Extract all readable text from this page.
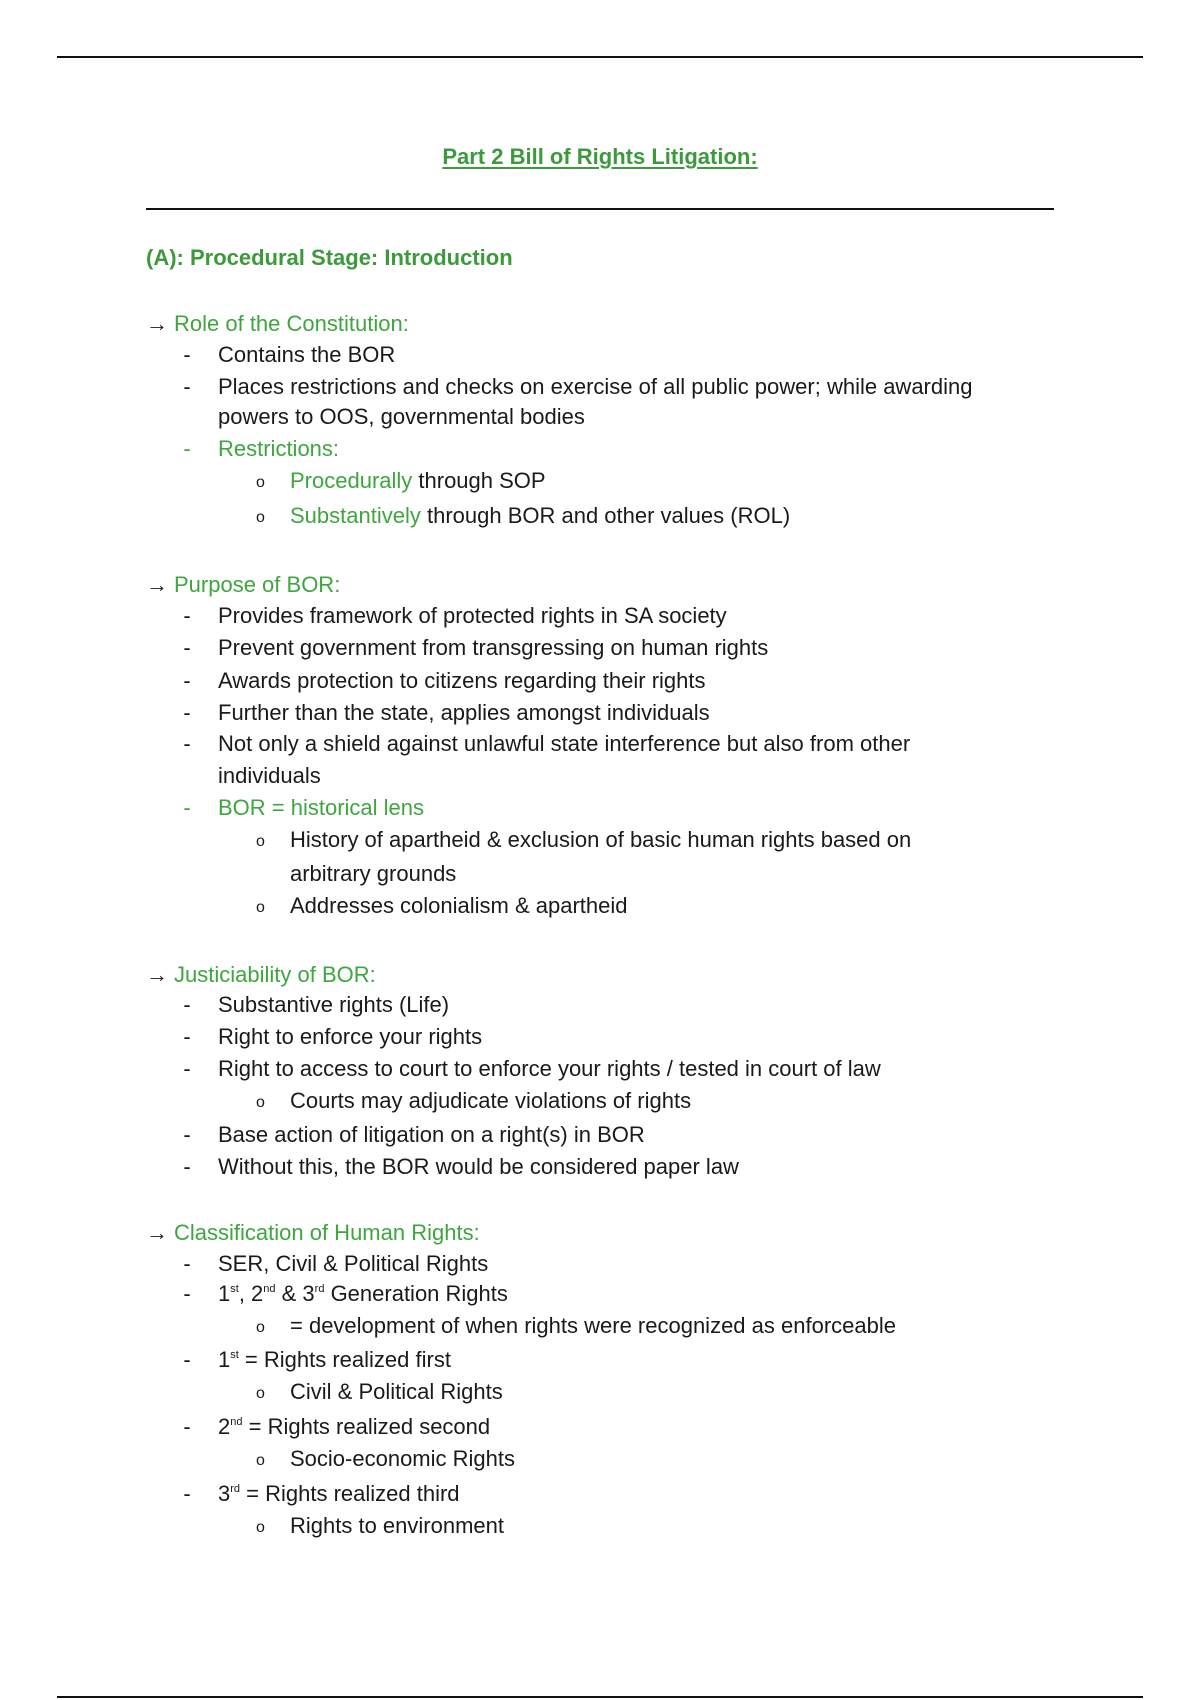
Part 2 Bill of Rights Litigation:
(A): Procedural Stage: Introduction
→ Role of the Constitution:
- Contains the BOR
- Places restrictions and checks on exercise of all public power; while awarding
powers to OOS, governmental bodies
- Restrictions:
o Procedurally through SOP
o Substantively through BOR and other values (ROL)
→ Purpose of BOR:
- Provides framework of protected rights in SA society
- Prevent government from transgressing on human rights
- Awards protection to citizens regarding their rights
- Further than the state, applies amongst individuals
- Not only a shield against unlawful state interference but also from other
individuals
- BOR = historical lens
o History of apartheid & exclusion of basic human rights based on
arbitrary grounds
o Addresses colonialism & apartheid
→ Justiciability of BOR:
- Substantive rights (Life)
- Right to enforce your rights
- Right to access to court to enforce your rights / tested in court of law
o Courts may adjudicate violations of rights
- Base action of litigation on a right(s) in BOR
- Without this, the BOR would be considered paper law
→ Classification of Human Rights:
- SER, Civil & Political Rights
- 1st, 2nd & 3rd Generation Rights
o = development of when rights were recognized as enforceable
- 1st = Rights realized first
o Civil & Political Rights
- 2nd = Rights realized second
o Socio-economic Rights
- 3rd = Rights realized third
o Rights to environment
